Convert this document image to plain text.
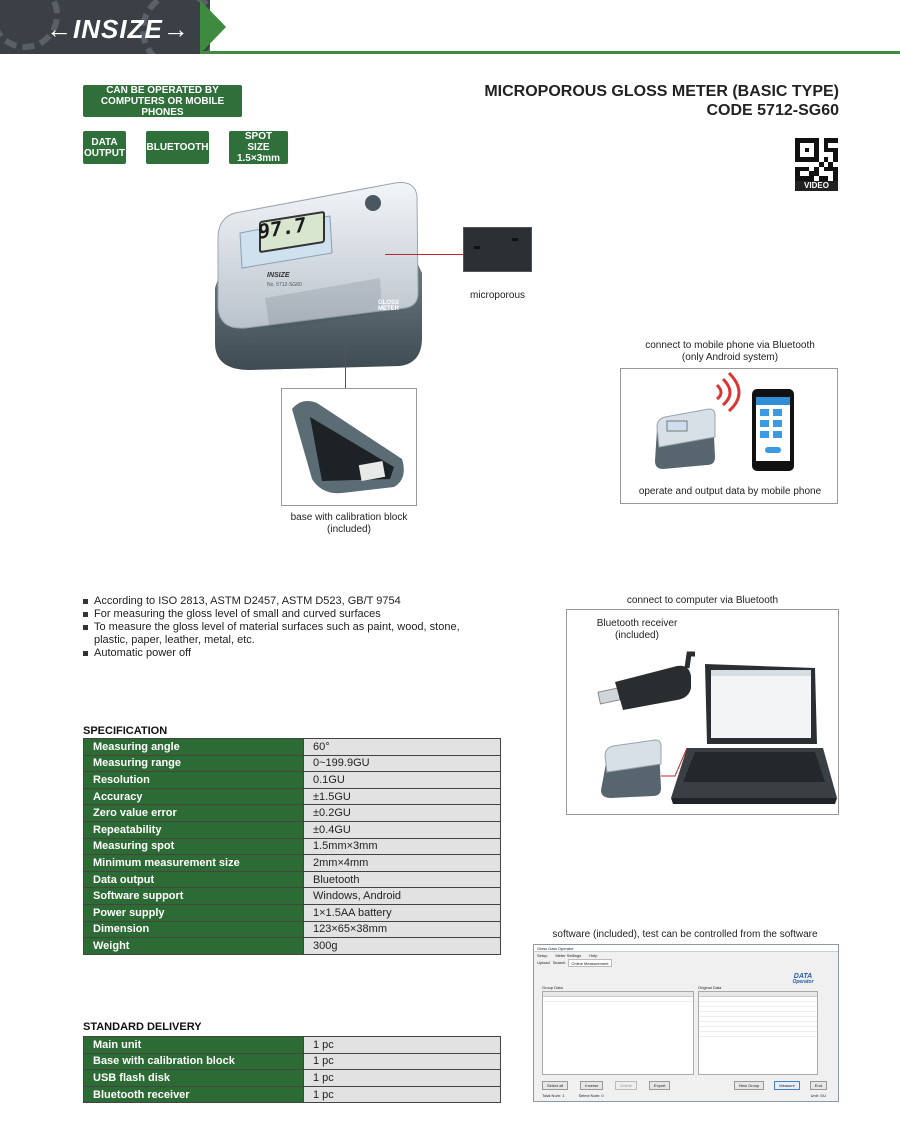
←INSIZE→
CAN BE OPERATED BY
COMPUTERS OR MOBILE PHONES
DATA
OUTPUT BLUETOOTH
SPOT SIZE
1.5×3mm
MICROPOROUS GLOSS METER (BASIC TYPE)
CODE 5712-SG60
VIDEO
97.7
INSIZE
No. 5712-SG60
GLOSS
METER
microporous
base with calibration block
(included)
connect to mobile phone via Bluetooth
(only Android system)
operate and output data by mobile phone
According to ISO 2813, ASTM D2457, ASTM D523, GB/T 9754
For measuring the gloss level of small and curved surfaces
To measure the gloss level of material surfaces such as paint, wood, stone, plastic, paper, leather, metal, etc.
Automatic power off
connect to computer via Bluetooth
Bluetooth receiver
(included)
SPECIFICATION
Measuring angle	60°
Measuring range	0~199.9GU
Resolution	0.1GU
Accuracy	±1.5GU
Zero value error	±0.2GU
Repeatability	±0.4GU
Measuring spot	1.5mm×3mm
Minimum measurement size	2mm×4mm
Data output	Bluetooth
Software support	Windows, Android
Power supply	1×1.5AA battery
Dimension	123×65×38mm
Weight	300g
STANDARD DELIVERY
Main unit	1 pc
Base with calibration block	1 pc
USB flash disk	1 pc
Bluetooth receiver	1 pc
software (included), test can be controlled from the software
Gloss Data Operator
Setup Meter Settings Help
Upload Search	Online Measurement
DATA
Operator
Group Data	Original Data
Select all	Inverse	Delete	Export	New Group	Measure	End
Total Num: 1	Select Num: 0	Unit: GU
